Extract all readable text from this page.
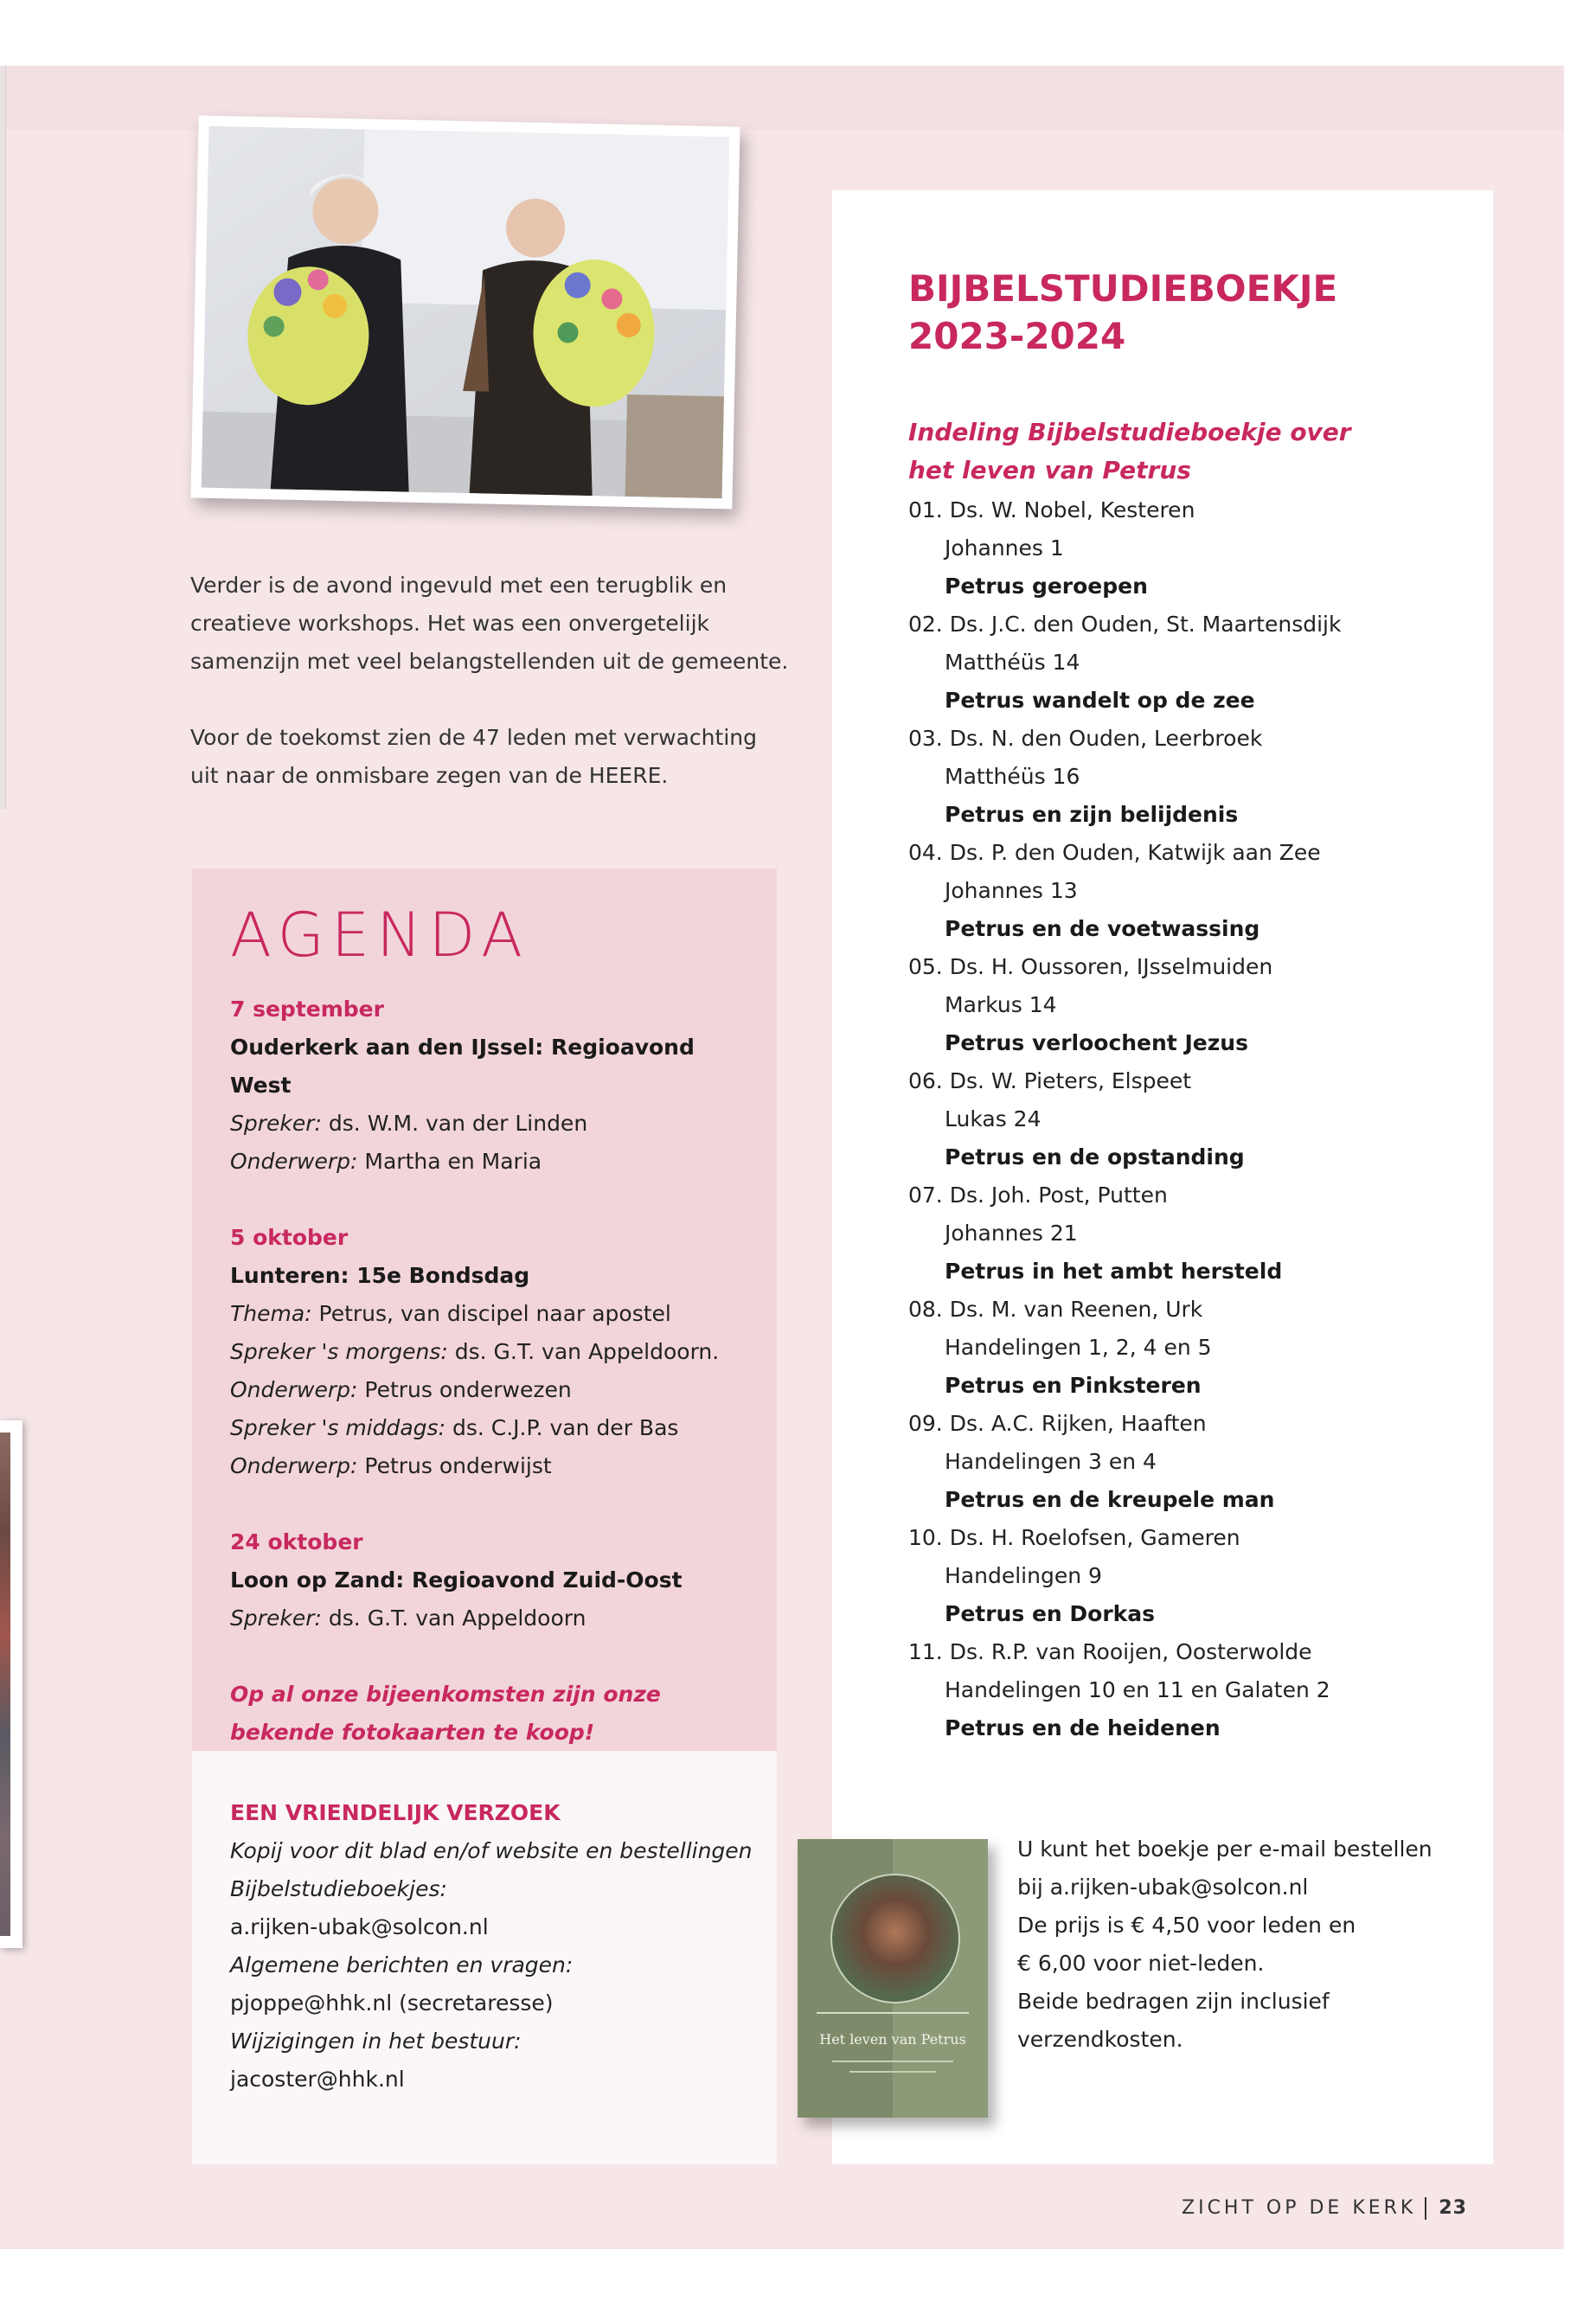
Verder is de avond ingevuld met een terugblik en
creatieve workshops. Het was een onvergetelijk
samenzijn met veel belangstellenden uit de gemeente.

Voor de toekomst zien de 47 leden met verwachting
uit naar de onmisbare zegen van de HEERE.

AGENDA
7 september
Ouderkerk aan den IJssel: Regioavond West
Spreker: ds. W.M. van der Linden
Onderwerp: Martha en Maria
5 oktober
Lunteren: 15e Bondsdag
Thema: Petrus, van discipel naar apostel
Spreker 's morgens: ds. G.T. van Appeldoorn.
Onderwerp: Petrus onderwezen
Spreker 's middags: ds. C.J.P. van der Bas
Onderwerp: Petrus onderwijst
24 oktober
Loon op Zand: Regioavond Zuid-Oost
Spreker: ds. G.T. van Appeldoorn
Op al onze bijeenkomsten zijn onze
bekende fotokaarten te koop!
EEN VRIENDELIJK VERZOEK
Kopij voor dit blad en/of website en bestellingen
Bijbelstudieboekjes:
a.rijken-ubak@solcon.nl
Algemene berichten en vragen:
pjoppe@hhk.nl (secretaresse)
Wijzigingen in het bestuur:
jacoster@hhk.nl
BIJBELSTUDIEBOEKJE
2023-2024
Indeling Bijbelstudieboekje over
het leven van Petrus
01. Ds. W. Nobel, Kesteren
Johannes 1
Petrus geroepen
02. Ds. J.C. den Ouden, St. Maartensdijk
Matthéüs 14
Petrus wandelt op de zee
03. Ds. N. den Ouden, Leerbroek
Matthéüs 16
Petrus en zijn belijdenis
04. Ds. P. den Ouden, Katwijk aan Zee
Johannes 13
Petrus en de voetwassing
05. Ds. H. Oussoren, IJsselmuiden
Markus 14
Petrus verloochent Jezus
06. Ds. W. Pieters, Elspeet
Lukas 24
Petrus en de opstanding
07. Ds. Joh. Post, Putten
Johannes 21
Petrus in het ambt hersteld
08. Ds. M. van Reenen, Urk
Handelingen 1, 2, 4 en 5
Petrus en Pinksteren
09. Ds. A.C. Rijken, Haaften
Handelingen 3 en 4
Petrus en de kreupele man
10. Ds. H. Roelofsen, Gameren
Handelingen 9
Petrus en Dorkas
11. Ds. R.P. van Rooijen, Oosterwolde
Handelingen 10 en 11 en Galaten 2
Petrus en de heidenen
Het leven van Petrus
U kunt het boekje per e-mail bestellen
bij a.rijken-ubak@solcon.nl
De prijs is € 4,50 voor leden en
€ 6,00 voor niet-leden.
Beide bedragen zijn inclusief
verzendkosten.
ZICHT OP DE KERK 23
